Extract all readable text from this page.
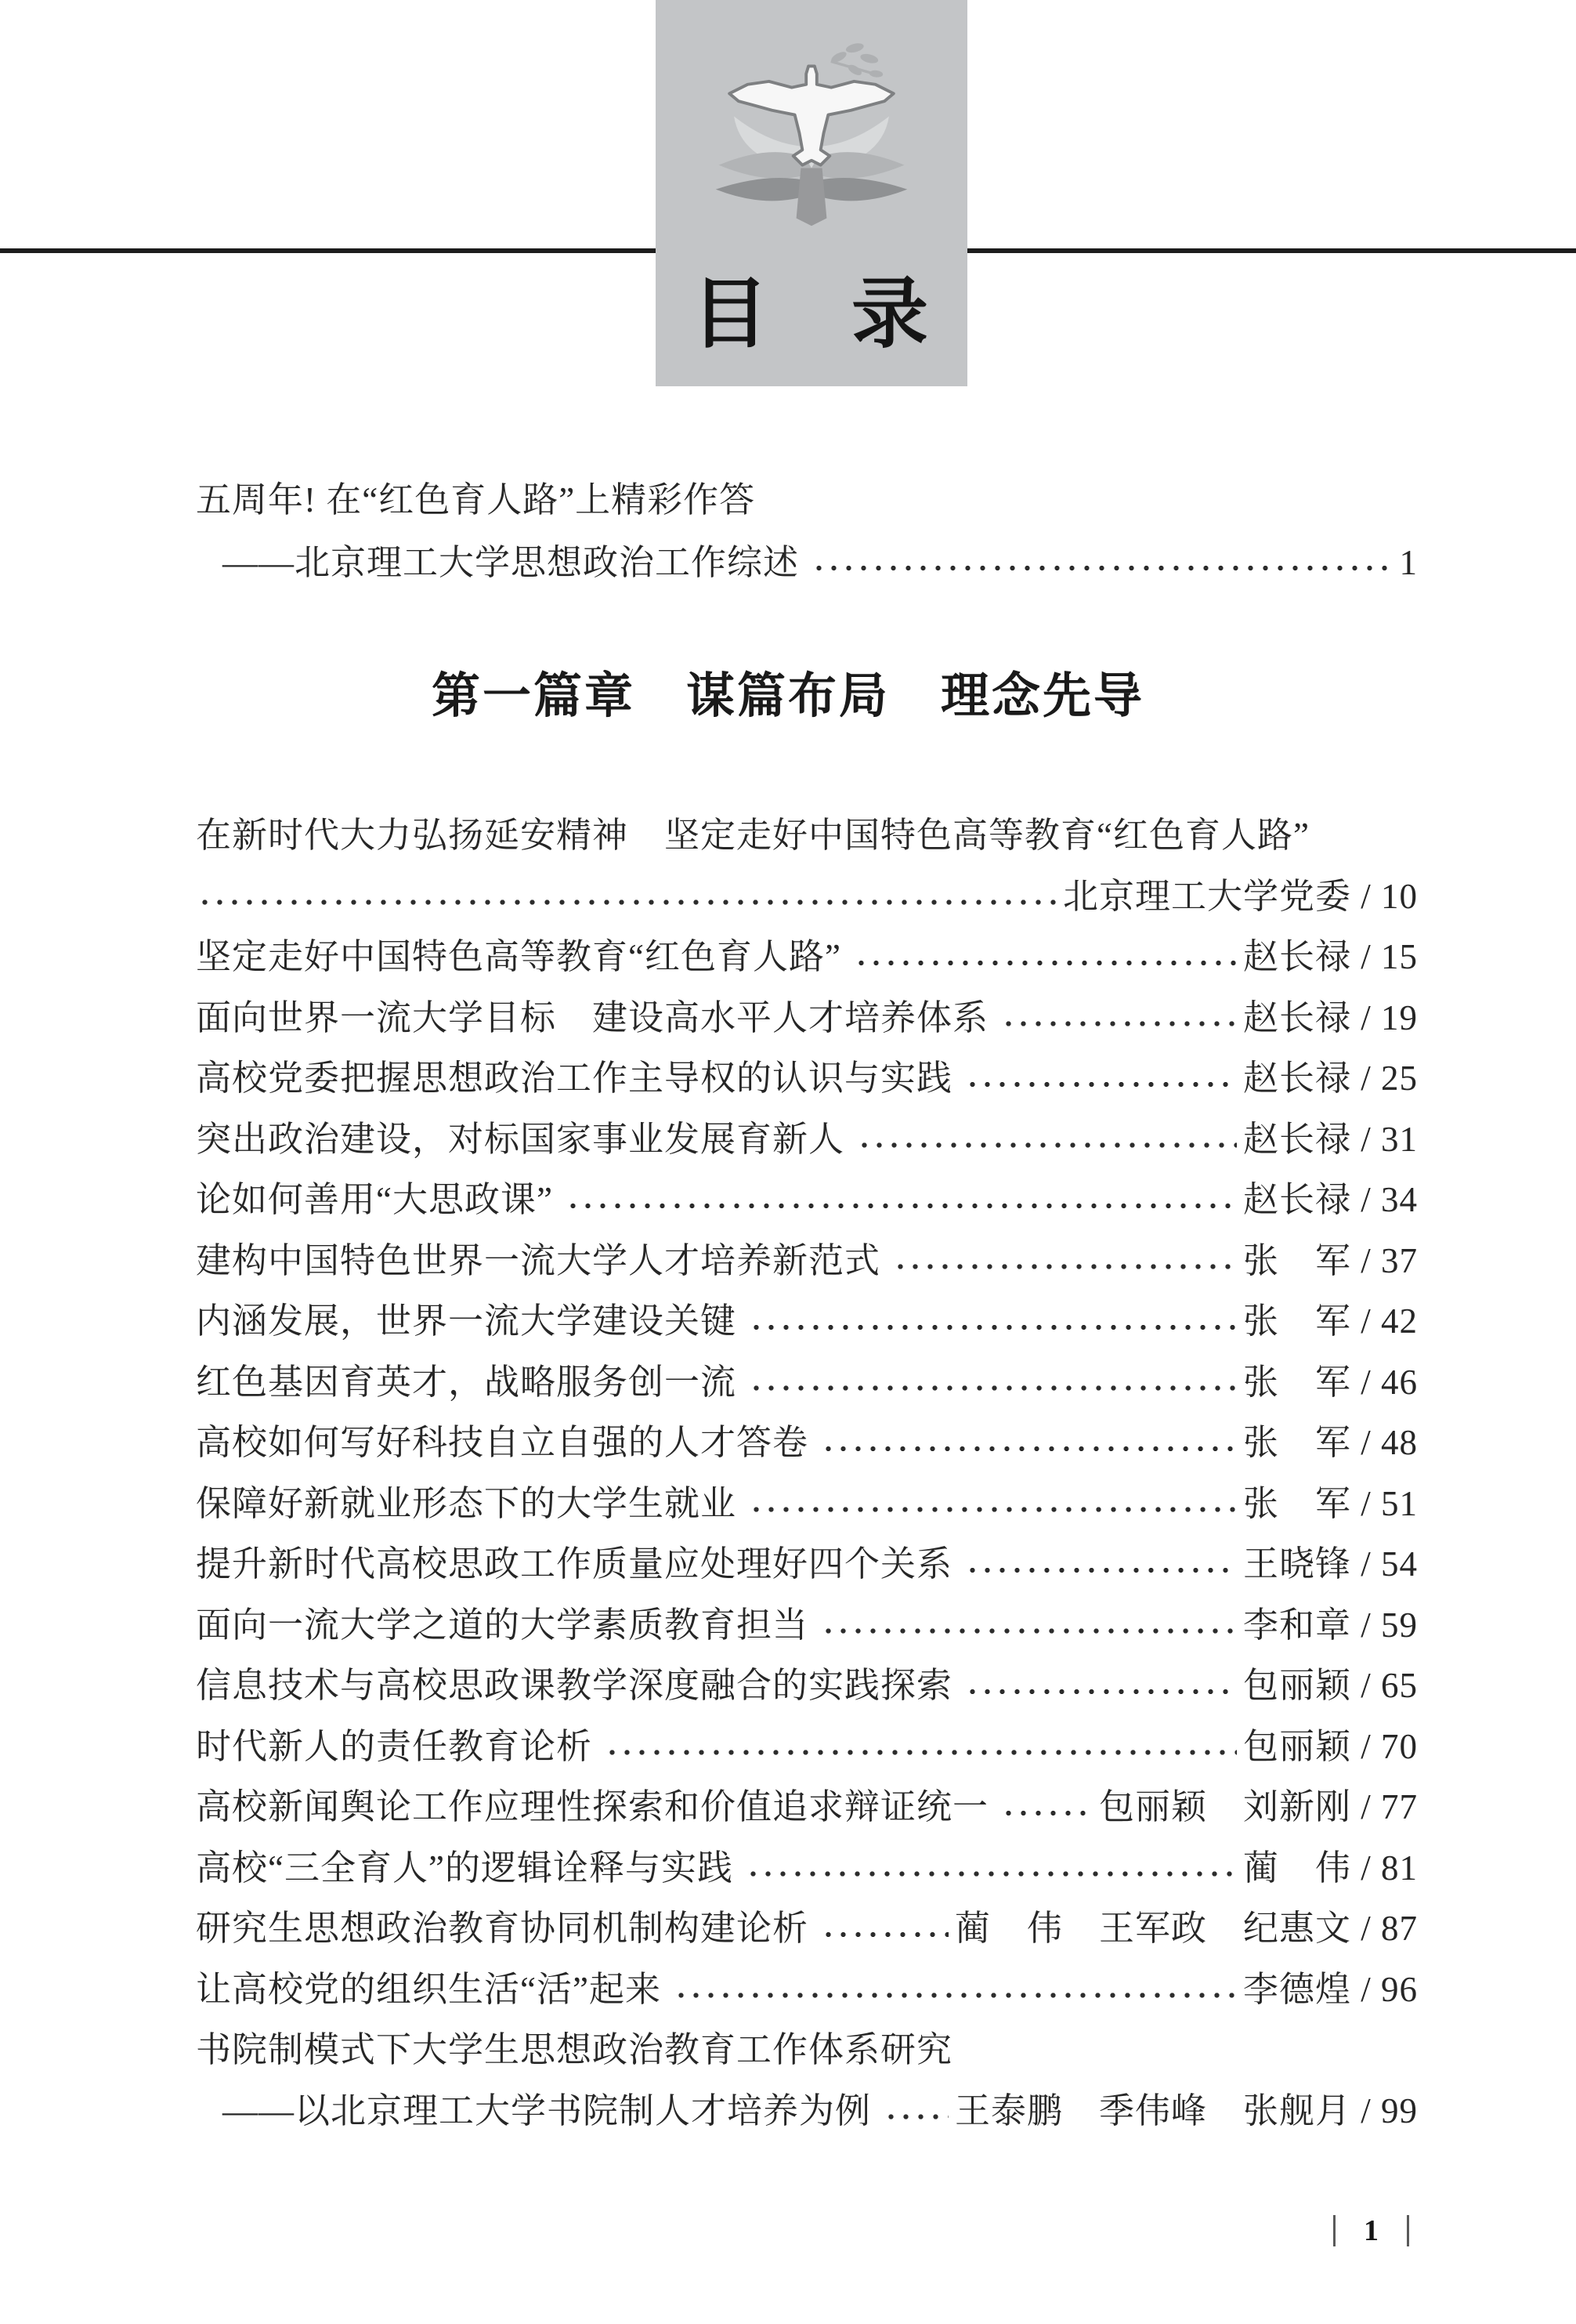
目　录
五周年! 在“红色育人路”上精彩作答
——北京理工大学思想政治工作综述	1
第一篇章　谋篇布局　理念先导
在新时代大力弘扬延安精神　坚定走好中国特色高等教育“红色育人路”
北京理工大学党委 / 10
坚定走好中国特色高等教育“红色育人路”	赵长禄 / 15
面向世界一流大学目标　建设高水平人才培养体系	赵长禄 / 19
高校党委把握思想政治工作主导权的认识与实践	赵长禄 / 25
突出政治建设，对标国家事业发展育新人	赵长禄 / 31
论如何善用“大思政课”	赵长禄 / 34
建构中国特色世界一流大学人才培养新范式	张　军 / 37
内涵发展，世界一流大学建设关键	张　军 / 42
红色基因育英才，战略服务创一流	张　军 / 46
高校如何写好科技自立自强的人才答卷	张　军 / 48
保障好新就业形态下的大学生就业	张　军 / 51
提升新时代高校思政工作质量应处理好四个关系	王晓锋 / 54
面向一流大学之道的大学素质教育担当	李和章 / 59
信息技术与高校思政课教学深度融合的实践探索	包丽颖 / 65
时代新人的责任教育论析	包丽颖 / 70
高校新闻舆论工作应理性探索和价值追求辩证统一	包丽颖　刘新刚 / 77
高校“三全育人”的逻辑诠释与实践	蔺　伟 / 81
研究生思想政治教育协同机制构建论析	蔺　伟　王军政　纪惠文 / 87
让高校党的组织生活“活”起来	李德煌 / 96
书院制模式下大学生思想政治教育工作体系研究
——以北京理工大学书院制人才培养为例 王泰鹏　季伟峰　张舰月 / 99
1
